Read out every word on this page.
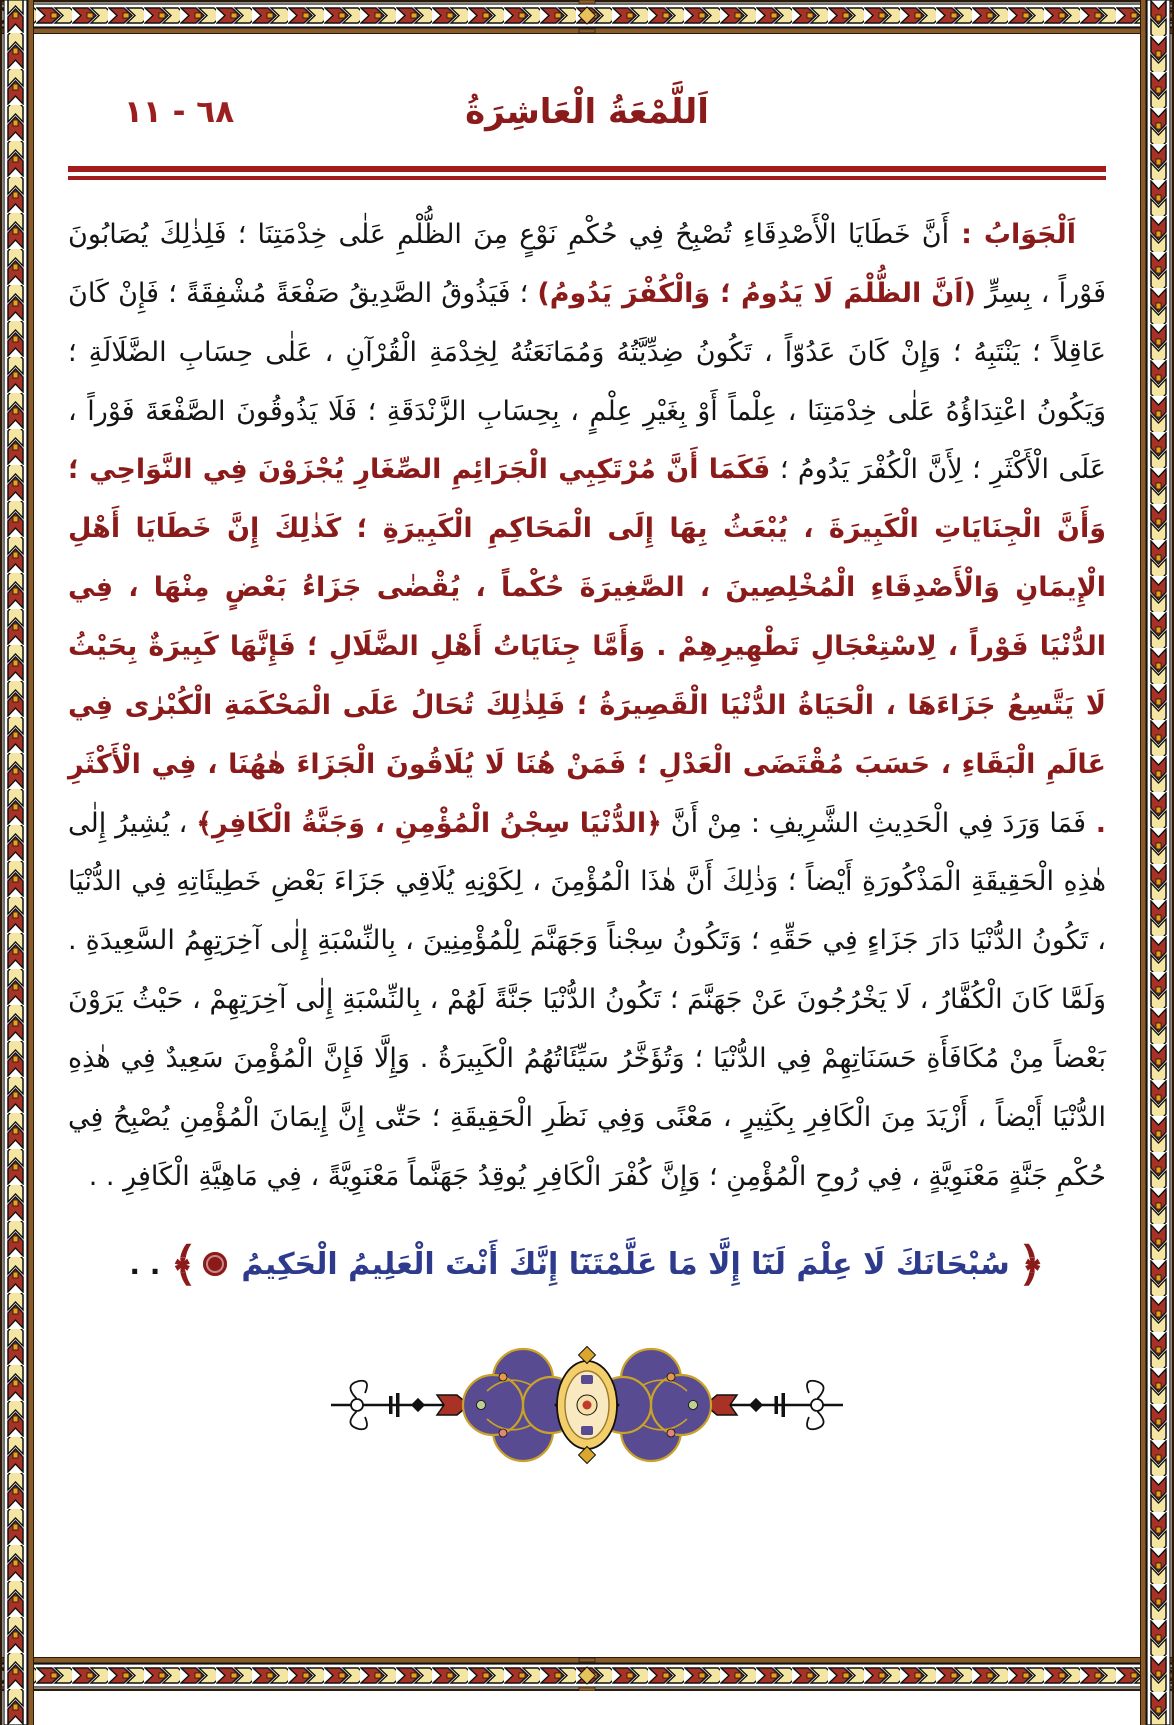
اَللَّمْعَةُ الْعَاشِرَةُ
٦٨ - ١١
اَلْجَوَابُ : أَنَّ خَطَايَا الْأَصْدِقَاءِ تُصْبِحُ فِي حُكْمِ نَوْعٍ مِنَ الظُّلْمِ عَلٰى خِدْمَتِنَا ؛ فَلِذٰلِكَ يُصَابُونَ فَوْراً ، بِسِرٍّ (اَنَّ الظُّلْمَ لَا يَدُومُ ؛ وَالْكُفْرَ يَدُومُ) ؛ فَيَذُوقُ الصَّدِيقُ صَفْعَةً مُشْفِقَةً ؛ فَإِنْ كَانَ عَاقِلاً ؛ يَنْتَبِهُ ؛ وَإِنْ كَانَ عَدُوّاً ، تَكُونُ ضِدِّيَّتُهُ وَمُمَانَعَتُهُ لِخِدْمَةِ الْقُرْآنِ ، عَلٰى حِسَابِ الضَّلَالَةِ ؛ وَيَكُونُ اعْتِدَاؤُهُ عَلٰى خِدْمَتِنَا ، عِلْماً أَوْ بِغَيْرِ عِلْمٍ ، بِحِسَابِ الزَّنْدَقَةِ ؛ فَلَا يَذُوقُونَ الصَّفْعَةَ فَوْراً ، عَلَى الْأَكْثَرِ ؛ لِأَنَّ الْكُفْرَ يَدُومُ ؛ فَكَمَا أَنَّ مُرْتَكِبِي الْجَرَائِمِ الصِّغَارِ يُجْزَوْنَ فِي النَّوَاحِي ؛ وَأَنَّ الْجِنَايَاتِ الْكَبِيرَةَ ، يُبْعَثُ بِهَا إِلَى الْمَحَاكِمِ الْكَبِيرَةِ ؛ كَذٰلِكَ إِنَّ خَطَايَا أَهْلِ الْإِيمَانِ وَالْأَصْدِقَاءِ الْمُخْلِصِينَ ، الصَّغِيرَةَ حُكْماً ، يُقْضٰى جَزَاءُ بَعْضٍ مِنْهَا ، فِي الدُّنْيَا فَوْراً ، لِاسْتِعْجَالِ تَطْهِيرِهِمْ . وَأَمَّا جِنَايَاتُ أَهْلِ الضَّلَالِ ؛ فَإِنَّهَا كَبِيرَةٌ بِحَيْثُ لَا يَتَّسِعُ جَزَاءَهَا ، الْحَيَاةُ الدُّنْيَا الْقَصِيرَةُ ؛ فَلِذٰلِكَ تُحَالُ عَلَى الْمَحْكَمَةِ الْكُبْرٰى فِي عَالَمِ الْبَقَاءِ ، حَسَبَ مُقْتَضَى الْعَدْلِ ؛ فَمَنْ هُنَا لَا يُلَاقُونَ الْجَزَاءَ هٰهُنَا ، فِي الْأَكْثَرِ . فَمَا وَرَدَ فِي الْحَدِيثِ الشَّرِيفِ : مِنْ أَنَّ ﴿الدُّنْيَا سِجْنُ الْمُؤْمِنِ ، وَجَنَّةُ الْكَافِرِ﴾ ، يُشِيرُ إِلٰى هٰذِهِ الْحَقِيقَةِ الْمَذْكُورَةِ أَيْضاً ؛ وَذٰلِكَ أَنَّ هٰذَا الْمُؤْمِنَ ، لِكَوْنِهِ يُلَاقِي جَزَاءَ بَعْضِ خَطِيئَاتِهِ فِي الدُّنْيَا ، تَكُونُ الدُّنْيَا دَارَ جَزَاءٍ فِي حَقِّهِ ؛ وَتَكُونُ سِجْناً وَجَهَنَّمَ لِلْمُؤْمِنِينَ ، بِالنِّسْبَةِ إِلٰى آخِرَتِهِمُ السَّعِيدَةِ . وَلَمَّا كَانَ الْكُفَّارُ ، لَا يَخْرُجُونَ عَنْ جَهَنَّمَ ؛ تَكُونُ الدُّنْيَا جَنَّةً لَهُمْ ، بِالنِّسْبَةِ إِلٰى آخِرَتِهِمْ ، حَيْثُ يَرَوْنَ بَعْضاً مِنْ مُكَافَأَةِ حَسَنَاتِهِمْ فِي الدُّنْيَا ؛ وَتُؤَخَّرُ سَيِّئَاتُهُمُ الْكَبِيرَةُ . وَإِلَّا فَإِنَّ الْمُؤْمِنَ سَعِيدٌ فِي هٰذِهِ الدُّنْيَا أَيْضاً ، أَزْيَدَ مِنَ الْكَافِرِ بِكَثِيرٍ ، مَعْنًى وَفِي نَظَرِ الْحَقِيقَةِ ؛ حَتّٰى إِنَّ إِيمَانَ الْمُؤْمِنِ يُصْبِحُ فِي حُكْمِ جَنَّةٍ مَعْنَوِيَّةٍ ، فِي رُوحِ الْمُؤْمِنِ ؛ وَإِنَّ كُفْرَ الْكَافِرِ يُوقِدُ جَهَنَّماً مَعْنَوِيَّةً ، فِي مَاهِيَّةِ الْكَافِرِ . .
﴿سُبْحَانَكَ لَا عِلْمَ لَنَٓا إِلَّا مَا عَلَّمْتَنَٓا إِنَّكَ أَنْتَ الْعَلِيمُ الْحَكِيمُ﴾. .
